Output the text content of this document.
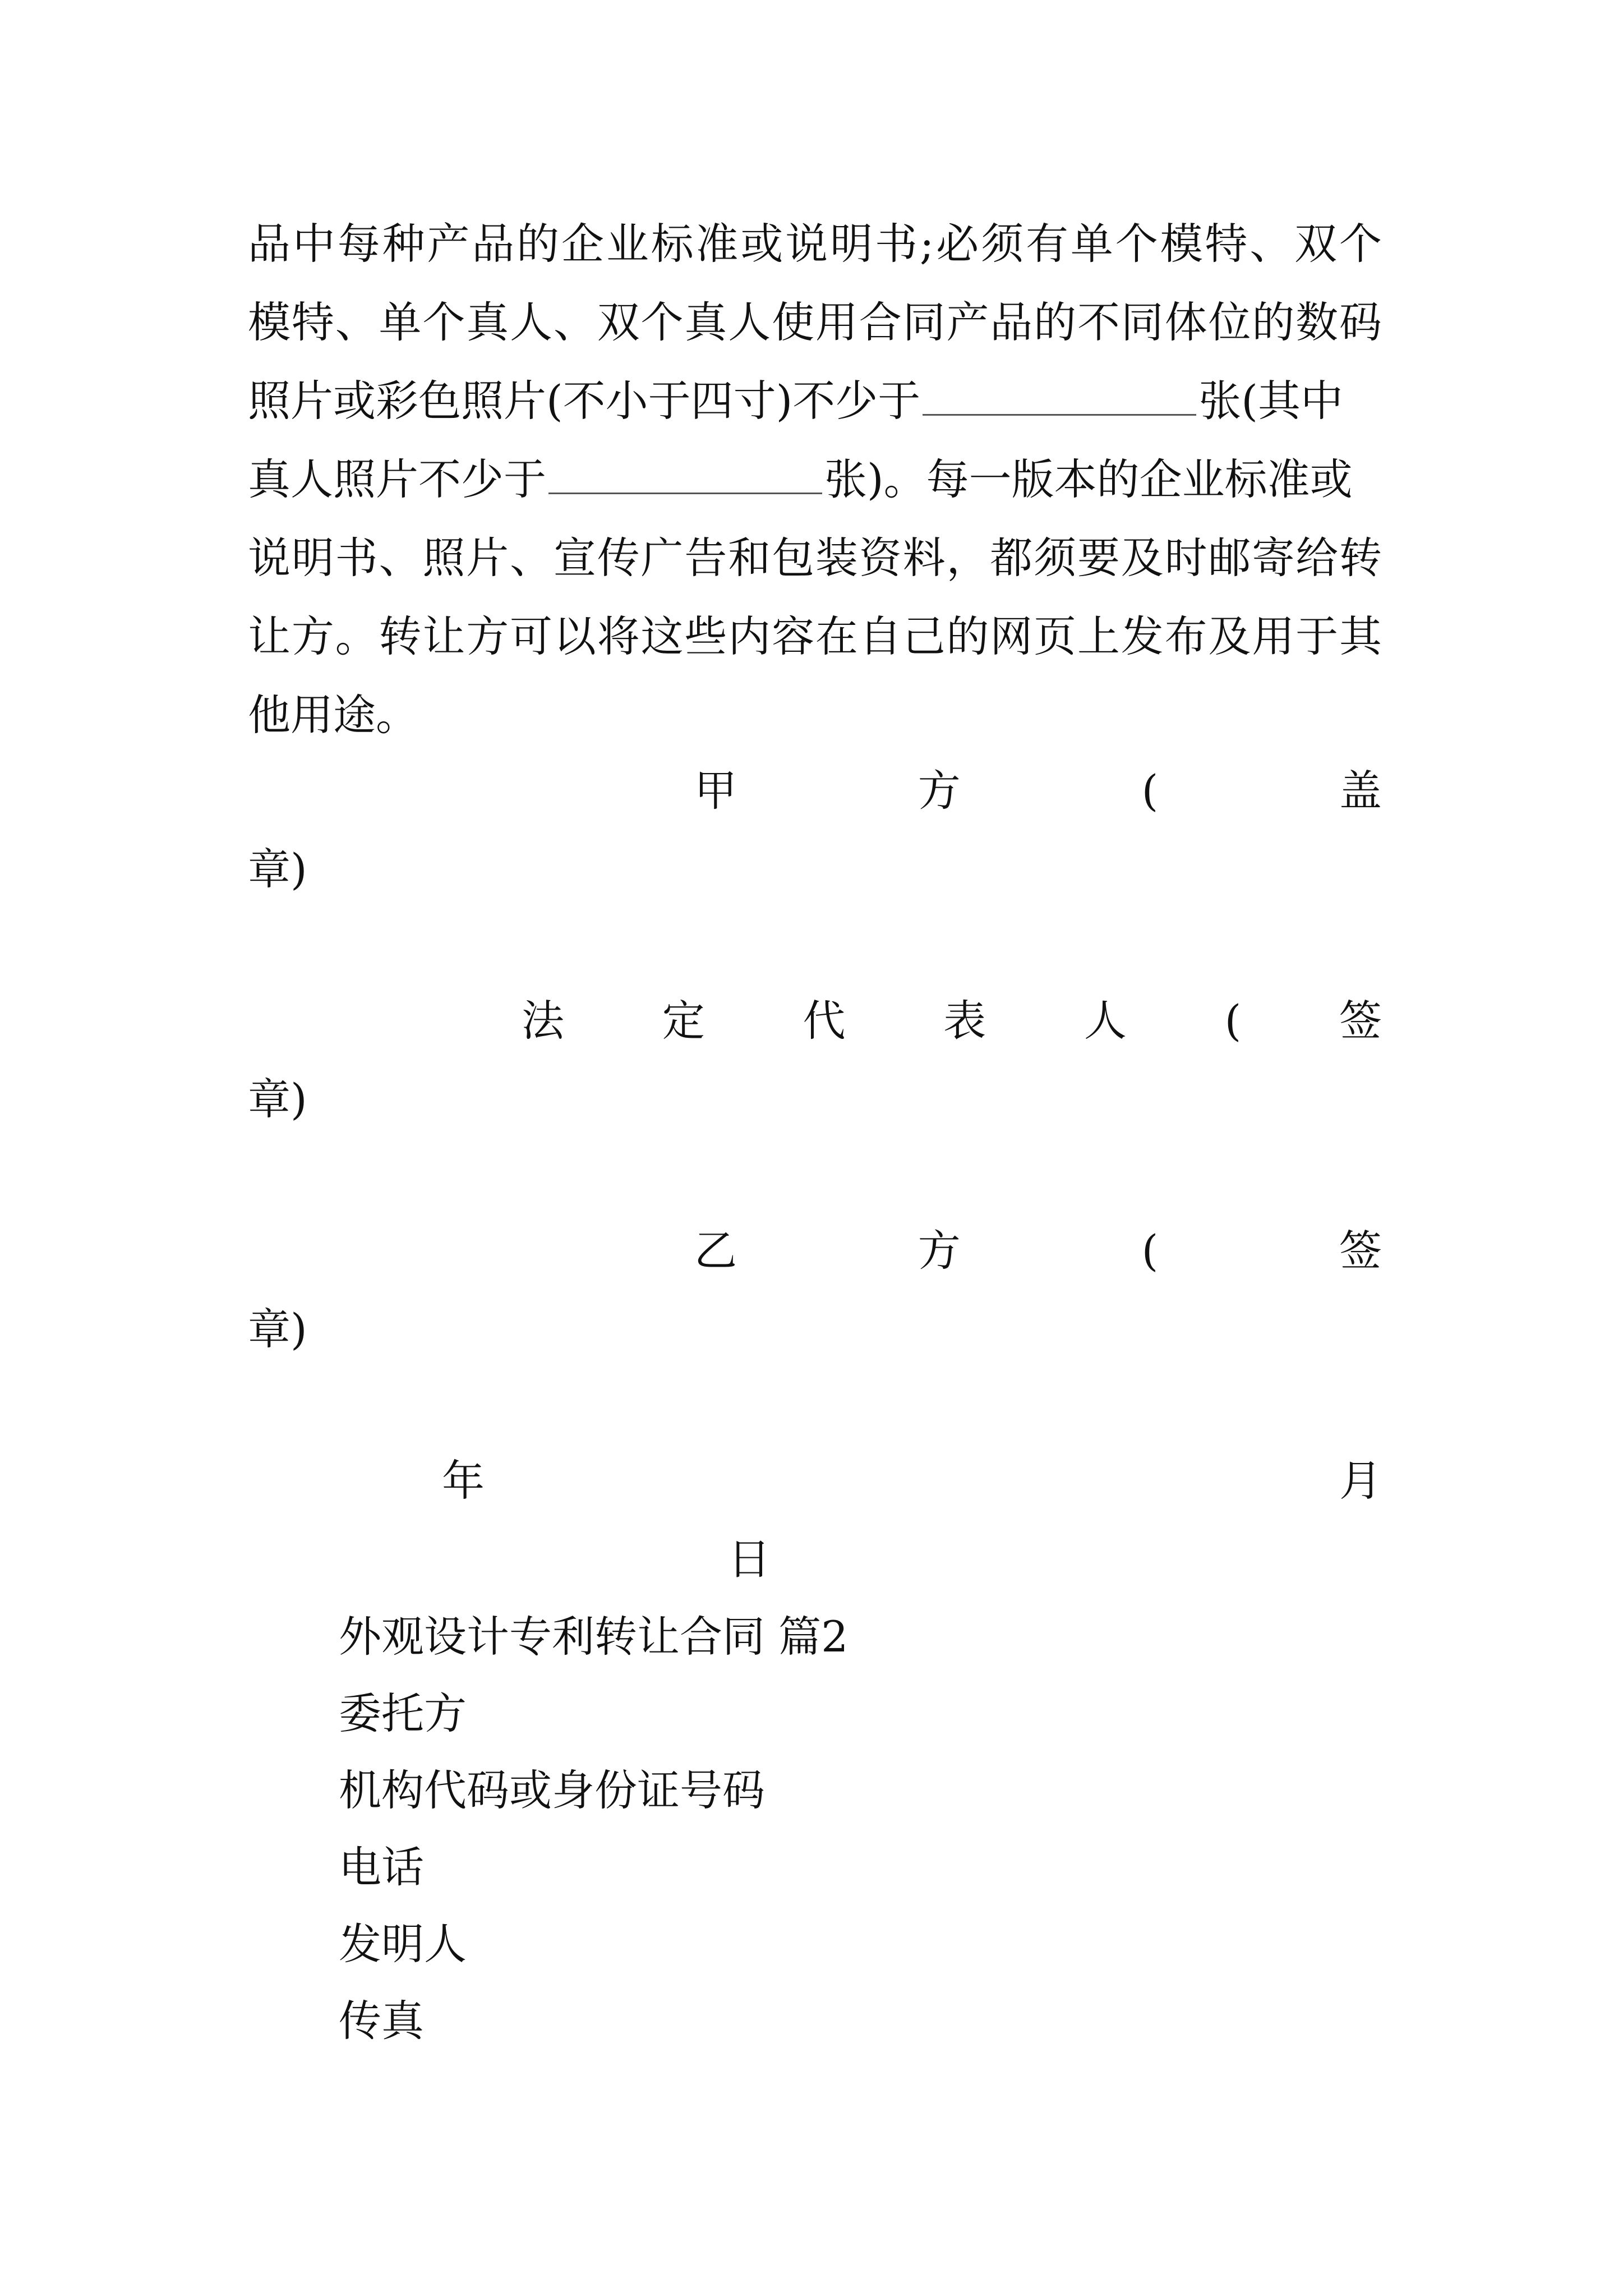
品中每种产品的企业标准或说明书;必须有单个模特、双个
模特、单个真人、双个真人使用合同产品的不同体位的数码
照片或彩色照片(不小于四寸)不少于	张(其中
真人照片不少于	张)。每一版本的企业标准或
说明书、照片、宣传广告和包装资料，都须要及时邮寄给转
让方。转让方可以将这些内容在自己的网页上发布及用于其
他用途。
甲	方	(	盖
章)
法 定 代 表 人 ( 签
章)
乙	方	(	签
章)
年	月
日
外观设计专利转让合同 篇2
委托方
机构代码或身份证号码
电话
发明人
传真
